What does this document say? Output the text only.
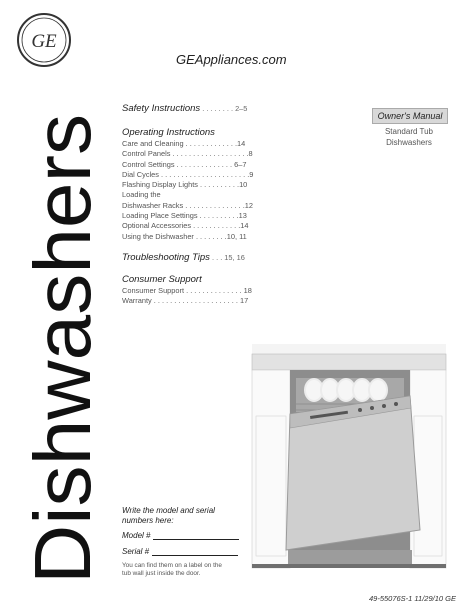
GE
GEAppliances.com
Dishwashers

Safety Instructions . . . . . . . . 2–5

Operating Instructions

Care and Cleaning . . . . . . . . . . . . .14
Control Panels . . . . . . . . . . . . . . . . . . .8
Control Settings . . . . . . . . . . . . . . 6–7
Dial Cycles . . . . . . . . . . . . . . . . . . . . . .9
Flashing Display Lights . . . . . . . . . .10
Loading the
Dishwasher Racks . . . . . . . . . . . . . . .12
Loading Place Settings . . . . . . . . . .13
Optional Accessories . . . . . . . . . . . .14
Using the Dishwasher . . . . . . . .10, 11

Troubleshooting Tips . . . 15, 16

Consumer Support

Consumer Support . . . . . . . . . . . . . . 18
Warranty . . . . . . . . . . . . . . . . . . . . . 17
Owner's Manual
Standard Tub
Dishwashers
Write the model and serial
numbers here:
Model #
Serial #
You can find them on a label on the
tub wall just inside the door.
49-55076S-1 11/29/10 GE
